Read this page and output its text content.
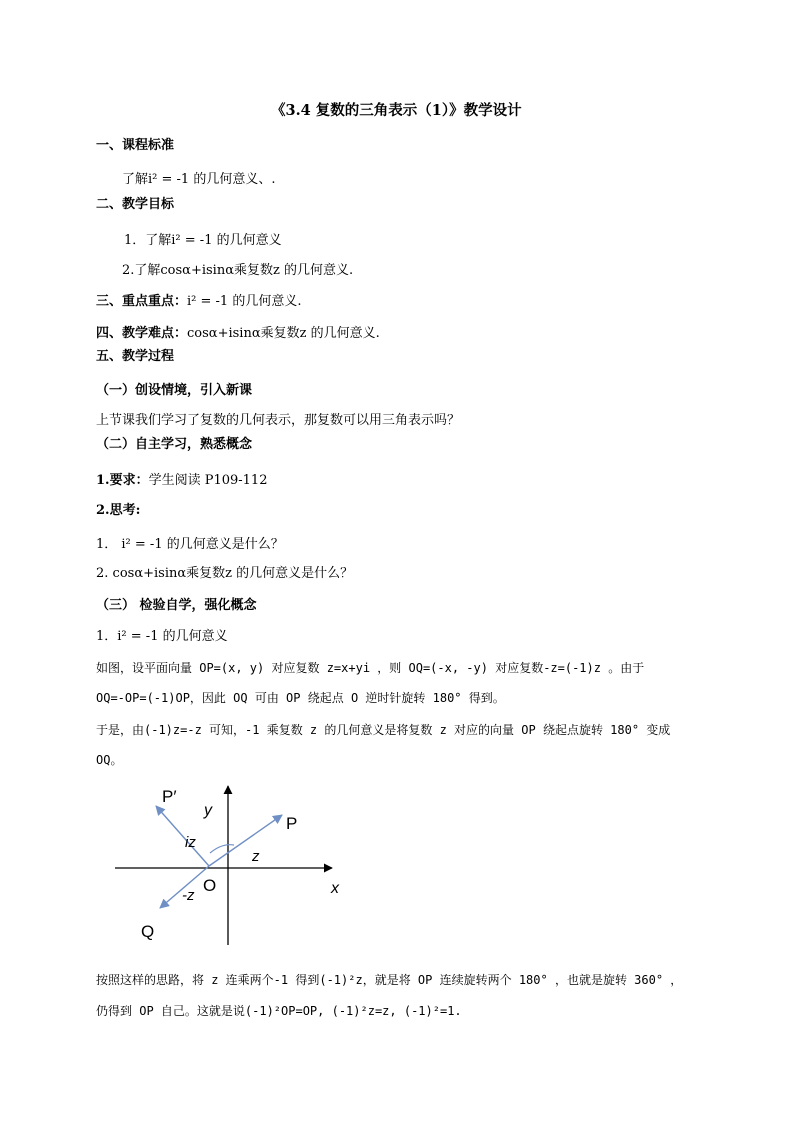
《3.4 复数的三角表示（1）》教学设计
一、课程标准
了解i² = -1 的几何意义、.
二、教学目标
1．了解i² = -1 的几何意义
2.了解cosα+isinα乘复数z 的几何意义.
三、重点重点：i² = -1 的几何意义.
四、教学难点：cosα+isinα乘复数z 的几何意义.
五、教学过程
（一）创设情境，引入新课
上节课我们学习了复数的几何表示，那复数可以用三角表示吗？
（二）自主学习，熟悉概念
1.要求：学生阅读 P109-112
2.思考:
1． i² = -1 的几何意义是什么？
2. cosα+isinα乘复数z 的几何意义是什么？
（三） 检验自学，强化概念
1．i² = -1 的几何意义
如图，设平面向量 OP=(x, y) 对应复数 z=x+yi ，则 OQ=(-x, -y) 对应复数-z=(-1)z 。由于
OQ=-OP=(-1)OP，因此 OQ 可由 OP 绕起点 O 逆时针旋转 180° 得到。
于是，由(-1)z=-z 可知，-1 乘复数 z 的几何意义是将复数 z 对应的向量 OP 绕起点旋转 180° 变成
OQ。
P′
P
Q
O	x
y
iz
z
-z
按照这样的思路，将 z 连乘两个-1 得到(-1)²z，就是将 OP 连续旋转两个 180° ，也就是旋转 360° ，
仍得到 OP 自己。这就是说(-1)²OP=OP, (-1)²z=z, (-1)²=1.
